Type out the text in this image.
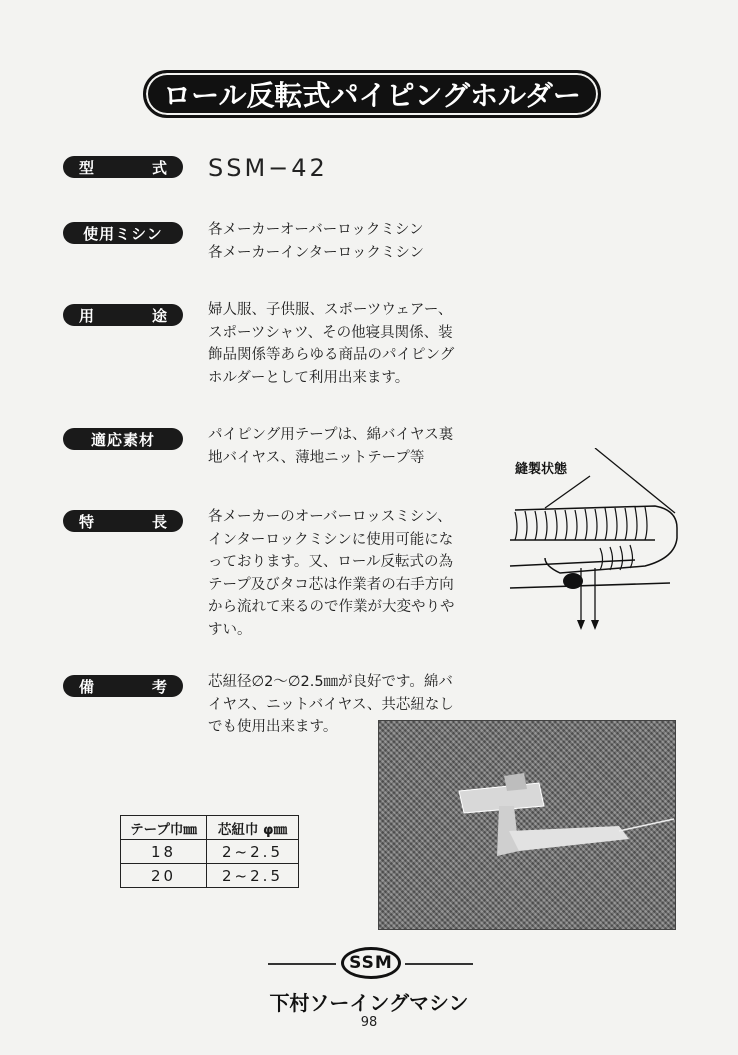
ロール反転式パイピングホルダー
型	式 SSM−42
使用ミシン	各メーカーオーバーロックミシン
各メーカーインターロックミシン
用	途	婦人服、子供服、スポーツウェアー、
スポーツシャツ、その他寝具関係、装
飾品関係等あらゆる商品のパイピング
ホルダーとして利用出来ます。
適応素材	パイピング用テープは、綿バイヤス裏
地バイヤス、薄地ニットテープ等
特	長	各メーカーのオーバーロッスミシン、
インターロックミシンに使用可能にな
っております。又、ロール反転式の為
テープ及びタコ芯は作業者の右手方向
から流れて来るので作業が大変やりや
すい。
備	考	芯紐径∅2～∅2.5㎜が良好です。綿バ
イヤス、ニットバイヤス、共芯紐なし
でも使用出来ます。
縫製状態
テープ巾㎜	芯紐巾 φ㎜
18	2~2.5
20	2~2.5
SSM
下村ソーイングマシン
98
